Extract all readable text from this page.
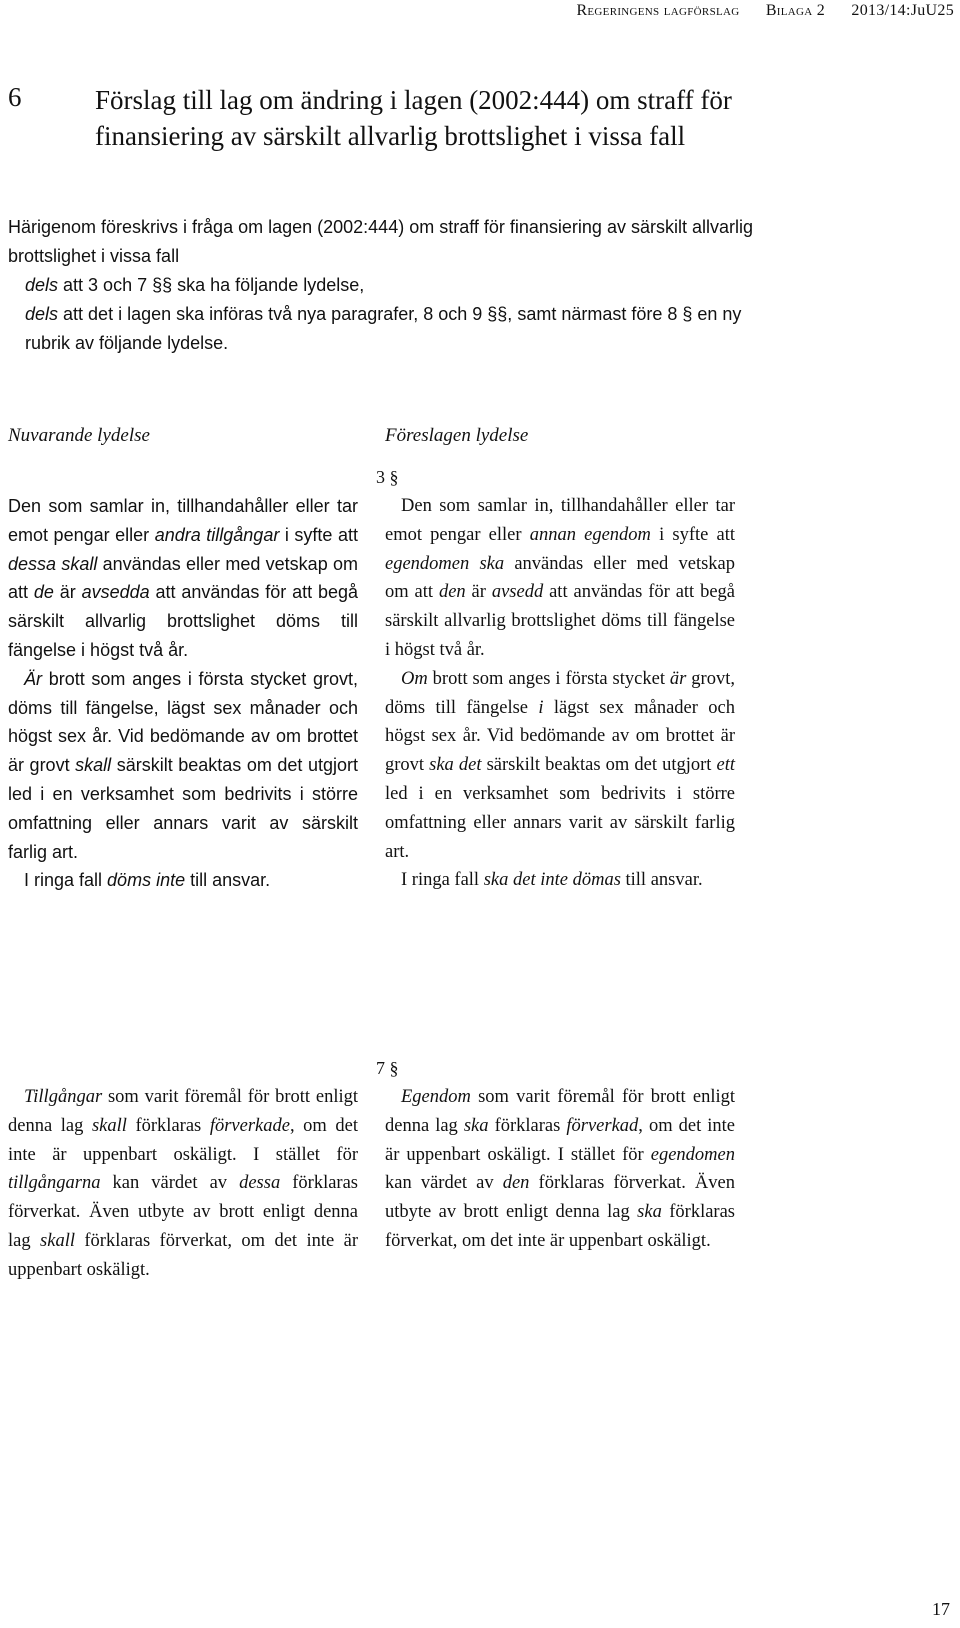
Regeringens lagförslag Bilaga 2 2013/14:JuU25
6	Förslag till lag om ändring i lagen (2002:444) om straff för finansiering av särskilt allvarlig brottslighet i vissa fall

Härigenom föreskrivs i fråga om lagen (2002:444) om straff för finansiering av särskilt allvarlig brottslighet i vissa fall

dels att 3 och 7 §§ ska ha följande lydelse,

dels att det i lagen ska införas två nya paragrafer, 8 och 9 §§, samt närmast före 8 § en ny rubrik av följande lydelse.

Nuvarande lydelse	Föreslagen lydelse
3 §

Den som samlar in, tillhandahåller eller tar emot pengar eller andra tillgångar i syfte att dessa skall användas eller med vetskap om att de är avsedda att användas för att begå särskilt allvarlig brottslighet döms till fängelse i högst två år.

Är brott som anges i första stycket grovt, döms till fängelse, lägst sex månader och högst sex år. Vid bedömande av om brottet är grovt skall särskilt beaktas om det utgjort led i en verksamhet som bedrivits i större omfattning eller annars varit av särskilt farlig art.

I ringa fall döms inte till ansvar.

Den som samlar in, tillhandahåller eller tar emot pengar eller annan egendom i syfte att egendomen ska användas eller med vetskap om att den är avsedd att användas för att begå särskilt allvarlig brottslighet döms till fängelse i högst två år.

Om brott som anges i första stycket är grovt, döms till fängelse i lägst sex månader och högst sex år. Vid bedömande av om brottet är grovt ska det särskilt beaktas om det utgjort ett led i en verksamhet som bedrivits i större omfattning eller annars varit av särskilt farlig art.

I ringa fall ska det inte dömas till ansvar.

7 §

Tillgångar som varit föremål för brott enligt denna lag skall förklaras förverkade, om det inte är uppenbart oskäligt. I stället för tillgångarna kan värdet av dessa förklaras förverkat. Även utbyte av brott enligt denna lag skall förklaras förverkat, om det inte är uppenbart oskäligt.

Egendom som varit föremål för brott enligt denna lag ska förklaras förverkad, om det inte är uppenbart oskäligt. I stället för egendomen kan värdet av den förklaras förverkat. Även utbyte av brott enligt denna lag ska förklaras förverkat, om det inte är uppenbart oskäligt.

17
